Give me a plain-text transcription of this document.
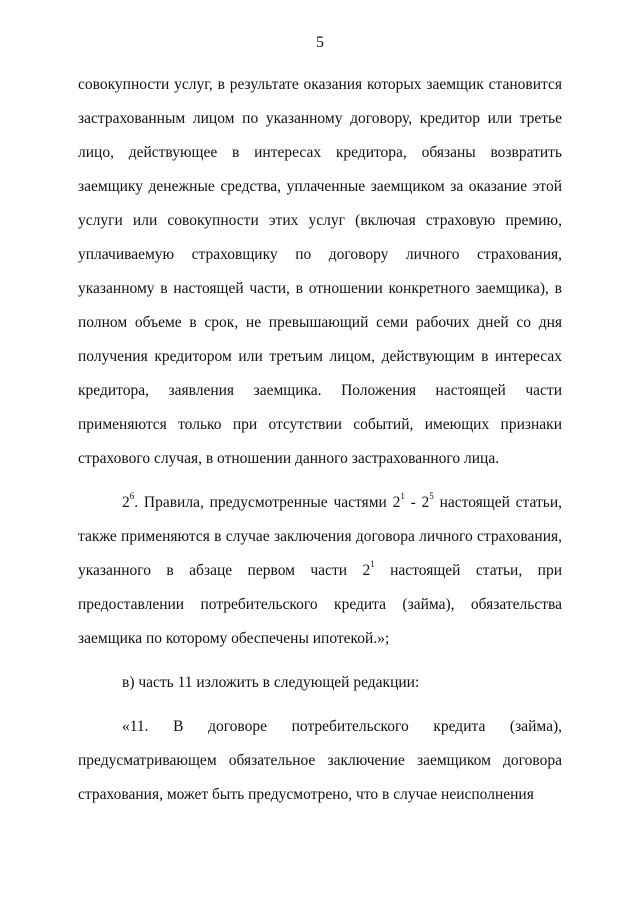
5

совокупности услуг, в результате оказания которых заемщик становится застрахованным лицом по указанному договору, кредитор или третье лицо, действующее в интересах кредитора, обязаны возвратить заемщику денежные средства, уплаченные заемщиком за оказание этой услуги или совокупности этих услуг (включая страховую премию, уплачиваемую страховщику по договору личного страхования, указанному в настоящей части, в отношении конкретного заемщика), в полном объеме в срок, не превышающий семи рабочих дней со дня получения кредитором или третьим лицом, действующим в интересах кредитора, заявления заемщика. Положения настоящей части применяются только при отсутствии событий, имеющих признаки страхового случая, в отношении данного застрахованного лица.

$2^6$. Правила, предусмотренные частями $2^1 - 2^5$ настоящей статьи, также применяются в случае заключения договора личного страхования, указанного в абзаце первом части $2^1$ настоящей статьи, при предоставлении потребительского кредита (займа), обязательства заемщика по которому обеспечены ипотекой.»;

в) часть 11 изложить в следующей редакции:

«11. В договоре потребительского кредита (займа), предусматривающем обязательное заключение заемщиком договора страхования, может быть предусмотрено, что в случае неисполнения
